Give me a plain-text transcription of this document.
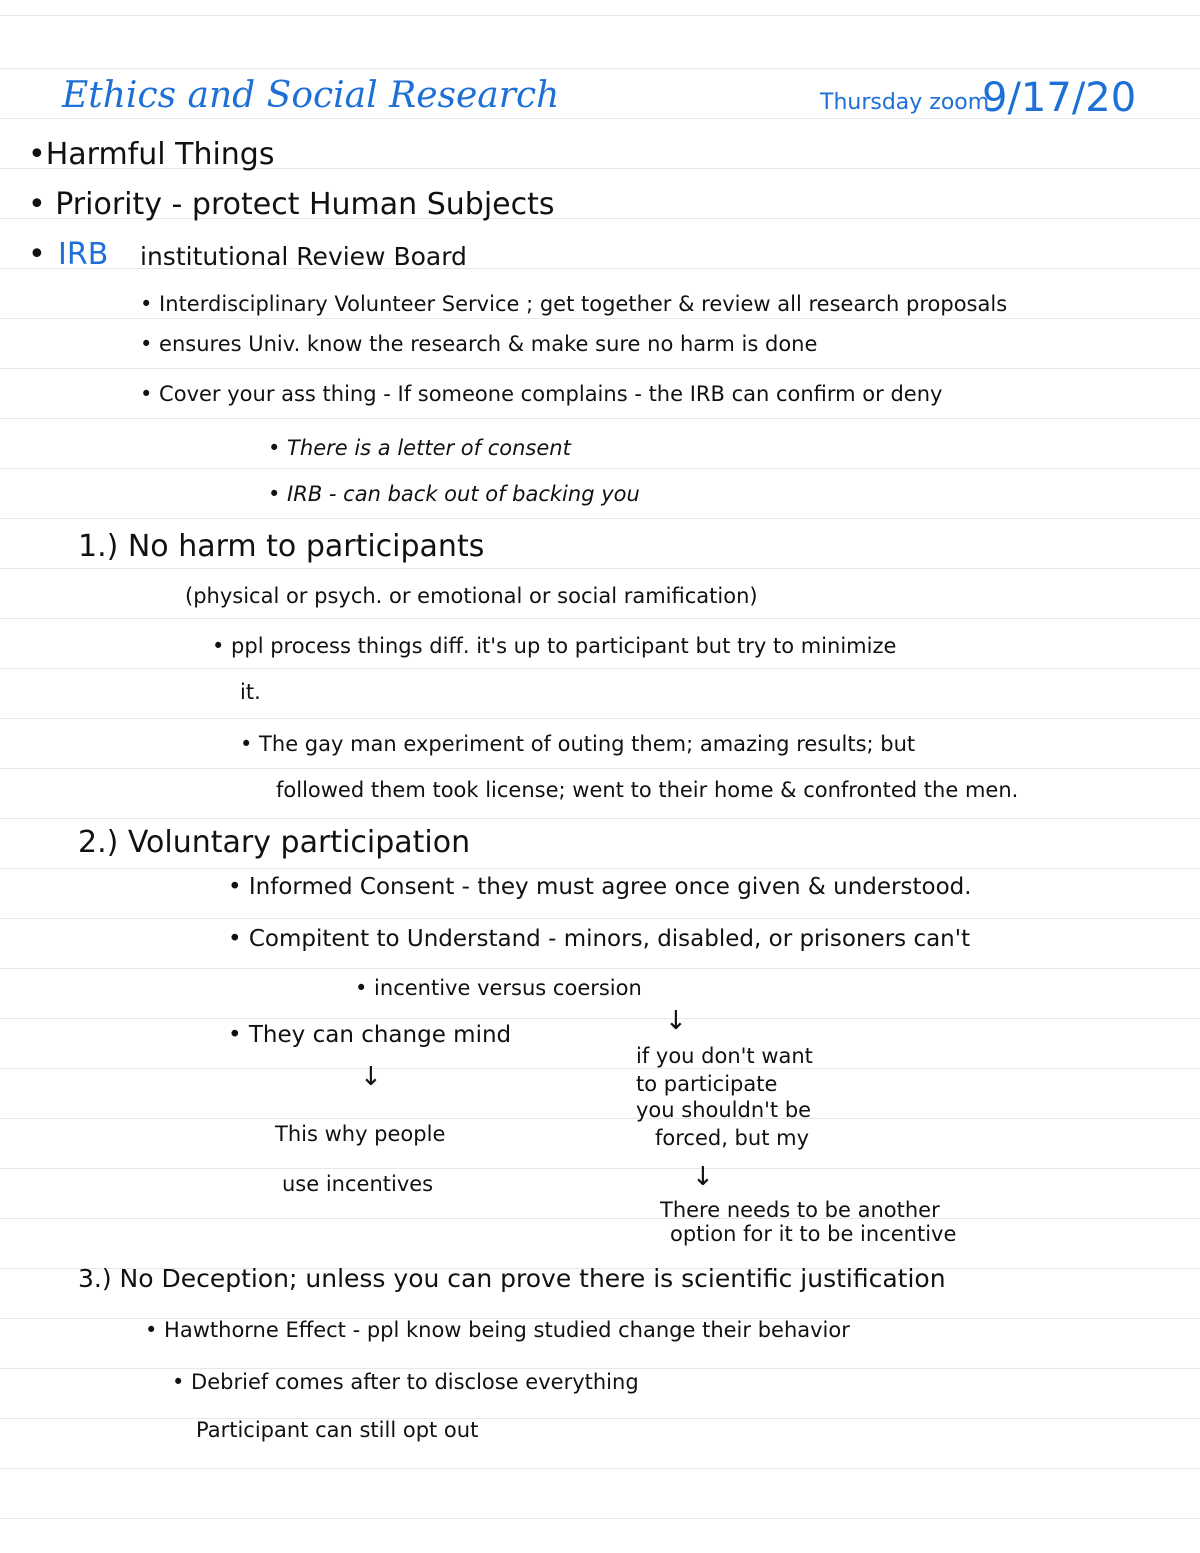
Ethics and Social Research	Thursday zoom
9/17/20
•Harmful Things
• Priority - protect Human Subjects
• IRB institutional Review Board
• Interdisciplinary Volunteer Service ; get together & review all research proposals
• ensures Univ. know the research & make sure no harm is done
• Cover your ass thing - If someone complains - the IRB can confirm or deny
• There is a letter of consent
• IRB - can back out of backing you
1.) No harm to participants
(physical or psych. or emotional or social ramification)
• ppl process things diff. it's up to participant but try to minimize
it.
• The gay man experiment of outing them; amazing results; but
followed them took license; went to their home & confronted the men.
2.) Voluntary participation
• Informed Consent - they must agree once given & understood.
• Compitent to Understand - minors, disabled, or prisoners can't
• incentive versus coersion
↓
• They can change mind
↓
if you don't want
to participate
you shouldn't be
forced, but my
This why people
use incentives	↓
There needs to be another
option for it to be incentive
3.) No Deception; unless you can prove there is scientific justification
• Hawthorne Effect - ppl know being studied change their behavior
• Debrief comes after to disclose everything
Participant can still opt out
